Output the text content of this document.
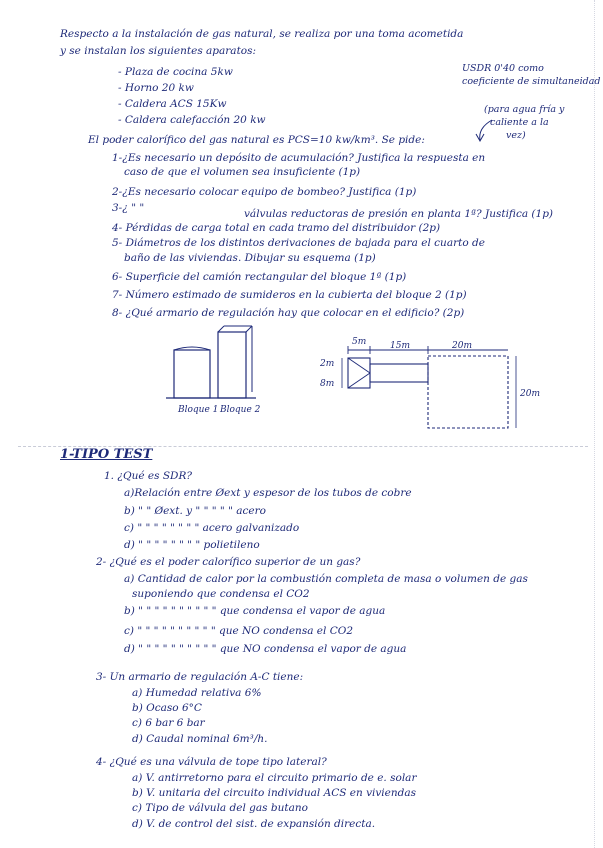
Respecto a la instalación de gas natural, se realiza por una toma acometida
y se instalan los siguientes aparatos:
- Plaza de cocina 5kw
- Horno 20 kw
- Caldera ACS 15Kw
- Caldera calefacción 20 kw
USDR 0'40 como
coeficiente de simultaneidad
(para agua fría y
caliente a la
vez)
El poder calorífico del gas natural es PCS=10 kw/km³. Se pide:
1-¿Es necesario un depósito de acumulación? Justifica la respuesta en
caso de que el volumen sea insuficiente (1p)
2-¿Es necesario colocar equipo de bombeo? Justifica (1p)
3-¿ " "	válvulas reductoras de presión en planta 1ª? Justifica (1p)
4- Pérdidas de carga total en cada tramo del distribuidor (2p)
5- Diámetros de los distintos derivaciones de bajada para el cuarto de
baño de las viviendas. Dibujar su esquema (1p)
6- Superficie del camión rectangular del bloque 1ª (1p)
7- Número estimado de sumideros en la cubierta del bloque 2 (1p)
8- ¿Qué armario de regulación hay que colocar en el edificio? (2p)
Bloque 1 Bloque 2
5m	15m	20m
2m
8m
20m
1-TIPO TEST
1. ¿Qué es SDR?
a)Relación entre Øext y espesor de los tubos de cobre
b) " " Øext. y " " " " " acero
c) " " " " " " " " acero galvanizado
d) " " " " " " " " polietileno
2- ¿Qué es el poder calorífico superior de un gas?
a) Cantidad de calor por la combustión completa de masa o volumen de gas
suponiendo que condensa el CO2
b) " " " " " " " " " " que condensa el vapor de agua
c) " " " " " " " " " " que NO condensa el CO2
d) " " " " " " " " " " que NO condensa el vapor de agua
3- Un armario de regulación A-C tiene:
a) Humedad relativa 6%
b) Ocaso 6°C
c) 6 bar 6 bar
d) Caudal nominal 6m³/h.
4- ¿Qué es una válvula de tope tipo lateral?
a) V. antirretorno para el circuito primario de e. solar
b) V. unitaria del circuito individual ACS en viviendas
c) Tipo de válvula del gas butano
d) V. de control del sist. de expansión directa.
